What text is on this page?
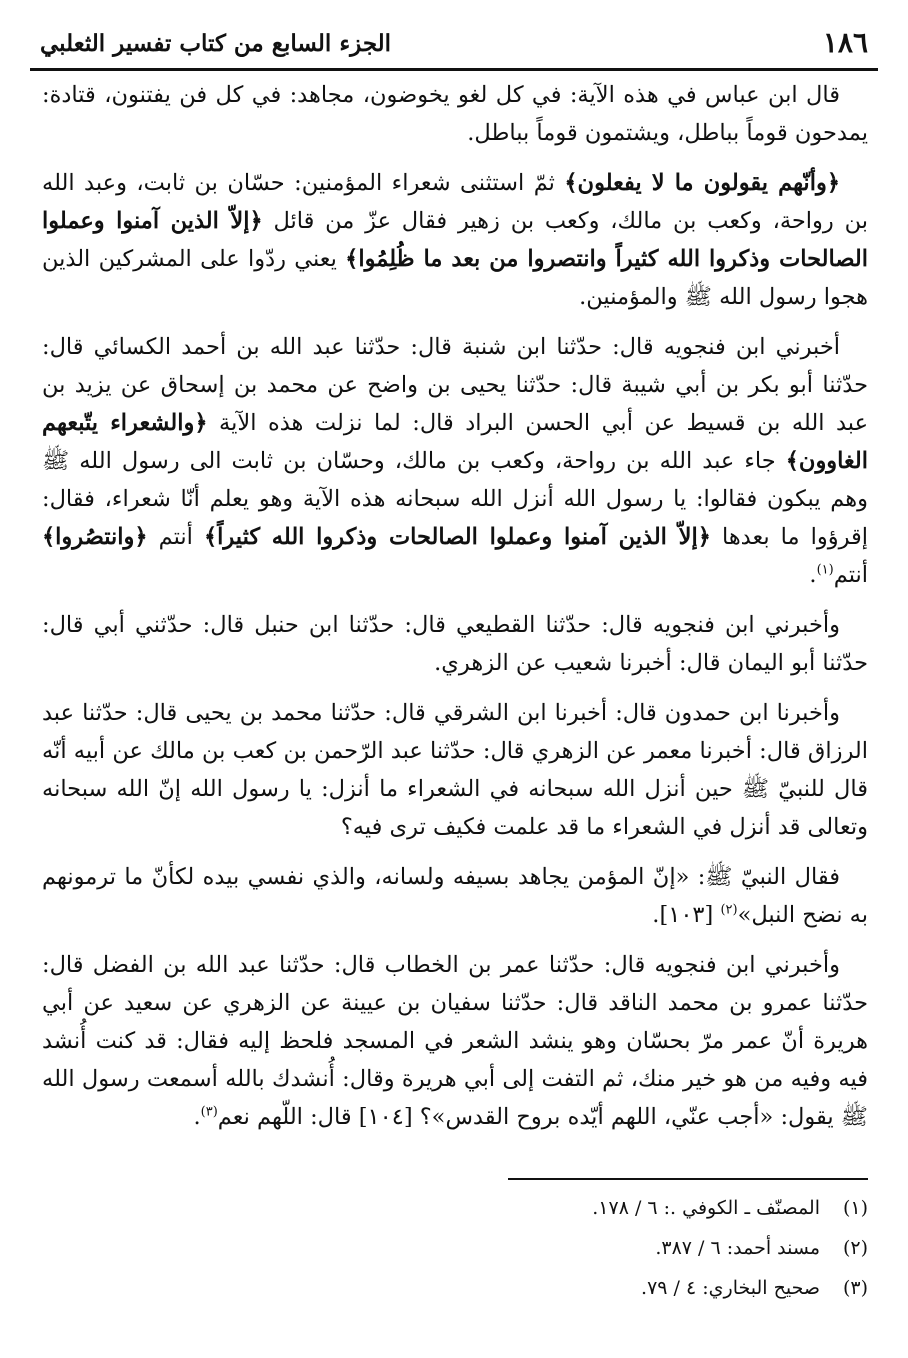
١٨٦
الجزء السابع من كتاب تفسير الثعلبي

قال ابن عباس في هذه الآية: في كل لغو يخوضون، مجاهد: في كل فن يفتنون، قتادة: يمدحون قوماً بباطل، ويشتمون قوماً بباطل.

﴿وأنّهم يقولون ما لا يفعلون﴾ ثمّ استثنى شعراء المؤمنين: حسّان بن ثابت، وعبد الله بن رواحة، وكعب بن مالك، وكعب بن زهير فقال عزّ من قائل ﴿إلاّ الذين آمنوا وعملوا الصالحات وذكروا الله كثيراً وانتصروا من بعد ما ظُلِمُوا﴾ يعني ردّوا على المشركين الذين هجوا رسول الله ﷺ والمؤمنين.

أخبرني ابن فنجويه قال: حدّثنا ابن شنبة قال: حدّثنا عبد الله بن أحمد الكسائي قال: حدّثنا أبو بكر بن أبي شيبة قال: حدّثنا يحيى بن واضح عن محمد بن إسحاق عن يزيد بن عبد الله بن قسيط عن أبي الحسن البراد قال: لما نزلت هذه الآية ﴿والشعراء يتّبعهم الغاوون﴾ جاء عبد الله بن رواحة، وكعب بن مالك، وحسّان بن ثابت الى رسول الله ﷺ وهم يبكون فقالوا: يا رسول الله أنزل الله سبحانه هذه الآية وهو يعلم أنّا شعراء، فقال: إقرؤوا ما بعدها ﴿إلاّ الذين آمنوا وعملوا الصالحات وذكروا الله كثيراً﴾ أنتم ﴿وانتصُروا﴾ أنتم$^{(١)}$.

وأخبرني ابن فنجويه قال: حدّثنا القطيعي قال: حدّثنا ابن حنبل قال: حدّثني أبي قال: حدّثنا أبو اليمان قال: أخبرنا شعيب عن الزهري.

وأخبرنا ابن حمدون قال: أخبرنا ابن الشرقي قال: حدّثنا محمد بن يحيى قال: حدّثنا عبد الرزاق قال: أخبرنا معمر عن الزهري قال: حدّثنا عبد الرّحمن بن كعب بن مالك عن أبيه أنّه قال للنبيّ ﷺ حين أنزل الله سبحانه في الشعراء ما أنزل: يا رسول الله إنّ الله سبحانه وتعالى قد أنزل في الشعراء ما قد علمت فكيف ترى فيه؟

فقال النبيّ ﷺ: «إنّ المؤمن يجاهد بسيفه ولسانه، والذي نفسي بيده لكأنّ ما ترمونهم به نضح النبل»$^{(٢)}$ [١٠٣].

وأخبرني ابن فنجويه قال: حدّثنا عمر بن الخطاب قال: حدّثنا عبد الله بن الفضل قال: حدّثنا عمرو بن محمد الناقد قال: حدّثنا سفيان بن عيينة عن الزهري عن سعيد عن أبي هريرة أنّ عمر مرّ بحسّان وهو ينشد الشعر في المسجد فلحظ إليه فقال: قد كنت أُنشد فيه وفيه من هو خير منك، ثم التفت إلى أبي هريرة وقال: أُنشدك بالله أسمعت رسول الله ﷺ يقول: «أجب عنّي، اللهم أيّده بروح القدس»؟ [١٠٤] قال: اللّهم نعم$^{(٣)}$.

(١)
المصنّف ـ الكوفي .: ٦ / ١٧٨.
(٢)
مسند أحمد: ٦ / ٣٨٧.
(٣)
صحيح البخاري: ٤ / ٧٩.
